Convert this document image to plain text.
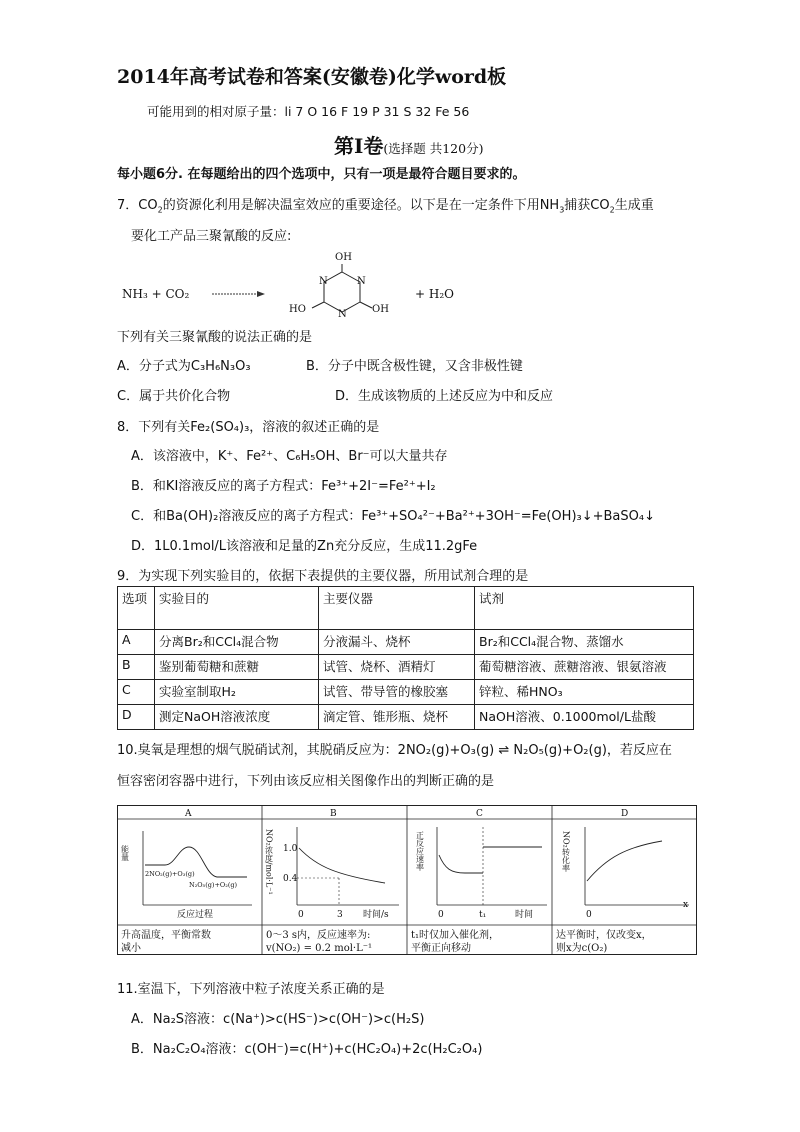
2014年高考试卷和答案(安徽卷)化学word板
可能用到的相对原子量：li 7 O 16 F 19 P 31 S 32 Fe 56
第I卷(选择题 共120分)
每小题6分. 在每题给出的四个选项中，只有一项是最符合题目要求的。
7．$CO_2$的资源化利用是解决温室效应的重要途径。以下是在一定条件下用$NH_3$捕获$CO_2$生成重
要化工产品三聚氰酸的反应:
NH₃ + CO₂
OH
N	N
N
HO	OH
+ H₂O
下列有关三聚氰酸的说法正确的是
A．分子式为C₃H₆N₃O₃	B．分子中既含极性键，又含非极性键
C．属于共价化合物	D．生成该物质的上述反应为中和反应
8．下列有关Fe₂(SO₄)₃，溶液的叙述正确的是
A．该溶液中，K⁺、Fe²⁺、C₆H₅OH、Br⁻可以大量共存
B．和KI溶液反应的离子方程式：Fe³⁺+2I⁻=Fe²⁺+I₂
C．和Ba(OH)₂溶液反应的离子方程式：Fe³⁺+SO₄²⁻+Ba²⁺+3OH⁻=Fe(OH)₃↓+BaSO₄↓
D．1L0.1mol/L该溶液和足量的Zn充分反应，生成11.2gFe
9．为实现下列实验目的，依据下表提供的主要仪器，所用试剂合理的是
选项	实验目的	主要仪器	试剂
A	分离Br₂和CCl₄混合物	分液漏斗、烧杯	Br₂和CCl₄混合物、蒸馏水
B	鉴别葡萄糖和蔗糖	试管、烧杯、酒精灯	葡萄糖溶液、蔗糖溶液、银氨溶液
C	实验室制取H₂	试管、带导管的橡胶塞	锌粒、稀HNO₃
D	测定NaOH溶液浓度	滴定管、锥形瓶、烧杯	NaOH溶液、0.1000mol/L盐酸
10.臭氧是理想的烟气脱硝试剂，其脱硝反应为：2NO₂(g)+O₃(g) ⇌ N₂O₅(g)+O₂(g)，若反应在
恒容密闭容器中进行，下列由该反应相关图像作出的判断正确的是
A
能量
2NO₂(g)+O₃(g)
N₂O₅(g)+O₂(g)
反应过程
升高温度，平衡常数
减小
B
NO₂浓度/mol·L⁻¹ 1.0
0.4
0	3 时间/s
0～3 s内，反应速率为:
v(NO₂) = 0.2 mol·L⁻¹
C
正反应速率
0	t₁	时间
t₁时仅加入催化剂，
平衡正向移动
D
NO₂转化率
0
x
达平衡时，仅改变x，
则x为c(O₂)
11.室温下，下列溶液中粒子浓度关系正确的是
A．Na₂S溶液：c(Na⁺)>c(HS⁻)>c(OH⁻)>c(H₂S)
B．Na₂C₂O₄溶液：c(OH⁻)=c(H⁺)+c(HC₂O₄)+2c(H₂C₂O₄)
